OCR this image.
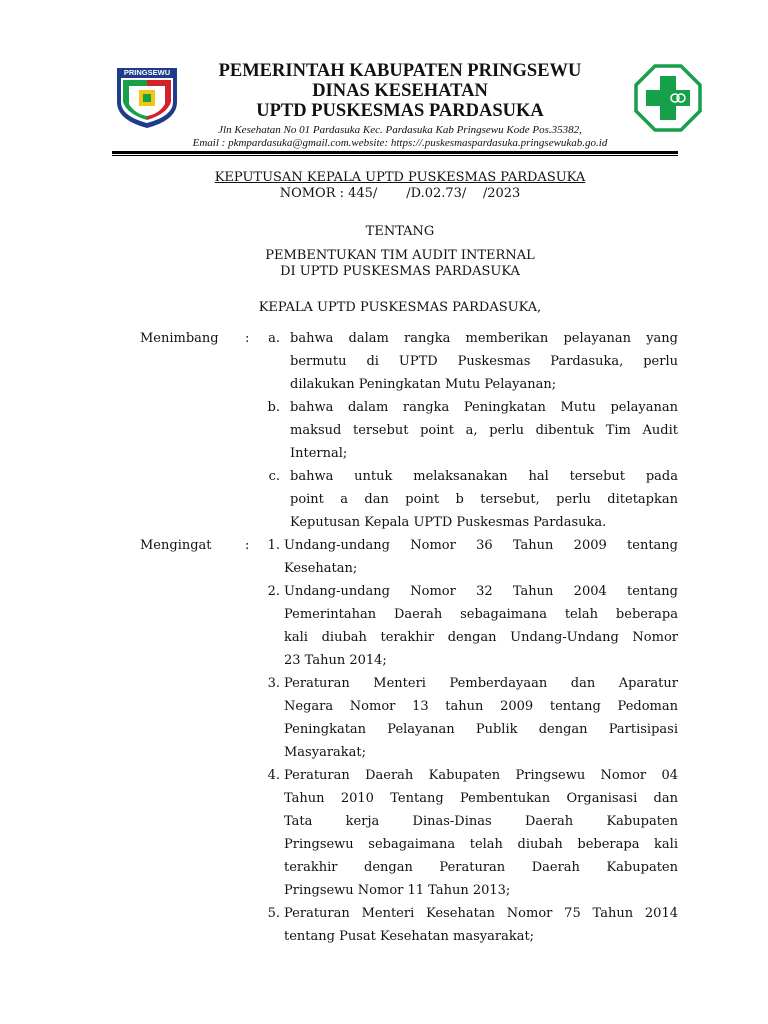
PRINGSEWU	PEMERINTAH KABUPATEN PRINGSEWU
DINAS KESEHATAN
UPTD PUSKESMAS PARDASUKA
Jln Kesehatan No 01 Pardasuka Kec. Pardasuka Kab Pringsewu Kode Pos.35382,
Email : pkmpardasuka@gmail.com.website: https://.puskesmaspardasuka.pringsewukab.go.id
KEPUTUSAN KEPALA UPTD PUSKESMAS PARDASUKA
NOMOR : 445/       /D.02.73/    /2023
TENTANG
PEMBENTUKAN TIM AUDIT INTERNAL
DI UPTD PUSKESMAS PARDASUKA
KEPALA UPTD PUSKESMAS PARDASUKA,
Menimbang :	a. bahwa dalam rangka memberikan pelayanan yang
bermutu di UPTD Puskesmas Pardasuka, perlu
dilakukan Peningkatan Mutu Pelayanan;
b. bahwa dalam rangka Peningkatan Mutu pelayanan
maksud tersebut point a, perlu dibentuk Tim Audit
Internal;
c. bahwa untuk melaksanakan hal tersebut pada
point a dan point b tersebut, perlu ditetapkan
Keputusan Kepala UPTD Puskesmas Pardasuka.
Mengingat	:	1. Undang-undang Nomor 36 Tahun 2009 tentang
Kesehatan;
2. Undang-undang Nomor 32 Tahun 2004 tentang
Pemerintahan Daerah sebagaimana telah beberapa
kali diubah terakhir dengan Undang-Undang Nomor
23 Tahun 2014;
3. Peraturan Menteri Pemberdayaan dan Aparatur
Negara Nomor 13 tahun 2009 tentang Pedoman
Peningkatan Pelayanan Publik dengan Partisipasi
Masyarakat;
4. Peraturan Daerah Kabupaten Pringsewu Nomor 04
Tahun 2010 Tentang Pembentukan Organisasi dan
Tata kerja Dinas-Dinas Daerah Kabupaten
Pringsewu sebagaimana telah diubah beberapa kali
terakhir dengan Peraturan Daerah Kabupaten
Pringsewu Nomor 11 Tahun 2013;
5. Peraturan Menteri Kesehatan Nomor 75 Tahun 2014
tentang Pusat Kesehatan masyarakat;
